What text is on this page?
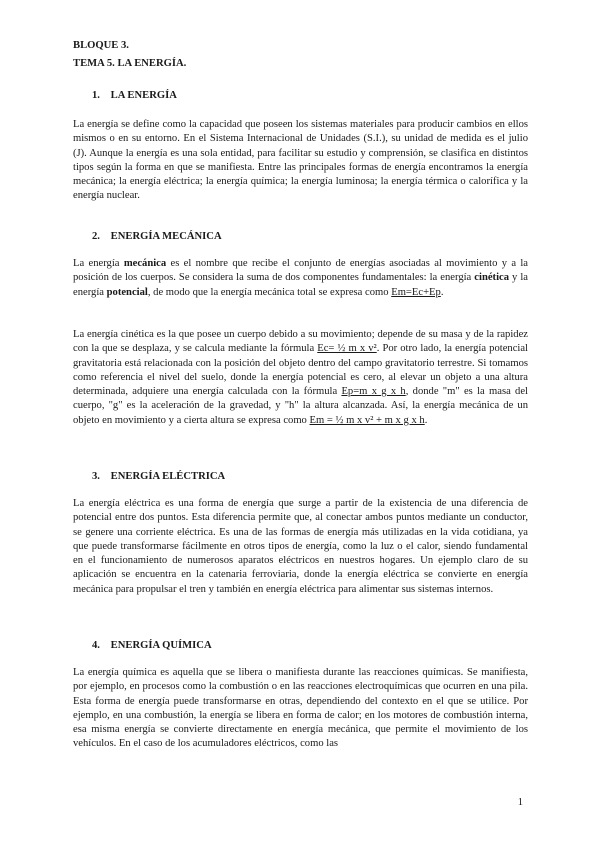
BLOQUE 3.
TEMA 5. LA ENERGÍA.
1. LA ENERGÍA
La energía se define como la capacidad que poseen los sistemas materiales para producir cambios en ellos mismos o en su entorno. En el Sistema Internacional de Unidades (S.I.), su unidad de medida es el julio (J). Aunque la energía es una sola entidad, para facilitar su estudio y comprensión, se clasifica en distintos tipos según la forma en que se manifiesta. Entre las principales formas de energía encontramos la energía mecánica; la energía eléctrica; la energía química; la energía luminosa; la energía térmica o calorífica y la energía nuclear.
2. ENERGÍA MECÁNICA
La energía mecánica es el nombre que recibe el conjunto de energías asociadas al movimiento y a la posición de los cuerpos. Se considera la suma de dos componentes fundamentales: la energía cinética y la energía potencial, de modo que la energía mecánica total se expresa como Em=Ec+Ep.
La energía cinética es la que posee un cuerpo debido a su movimiento; depende de su masa y de la rapidez con la que se desplaza, y se calcula mediante la fórmula Ec= ½ m x v². Por otro lado, la energía potencial gravitatoria está relacionada con la posición del objeto dentro del campo gravitatorio terrestre. Si tomamos como referencia el nivel del suelo, donde la energía potencial es cero, al elevar un objeto a una altura determinada, adquiere una energía calculada con la fórmula Ep=m x g x h, donde "m" es la masa del cuerpo, "g" es la aceleración de la gravedad, y "h" la altura alcanzada. Así, la energía mecánica de un objeto en movimiento y a cierta altura se expresa como Em = ½ m x v² + m x g x h.
3. ENERGÍA ELÉCTRICA
La energía eléctrica es una forma de energía que surge a partir de la existencia de una diferencia de potencial entre dos puntos. Esta diferencia permite que, al conectar ambos puntos mediante un conductor, se genere una corriente eléctrica. Es una de las formas de energía más utilizadas en la vida cotidiana, ya que puede transformarse fácilmente en otros tipos de energía, como la luz o el calor, siendo fundamental en el funcionamiento de numerosos aparatos eléctricos en nuestros hogares. Un ejemplo claro de su aplicación se encuentra en la catenaria ferroviaria, donde la energía eléctrica se convierte en energía mecánica para propulsar el tren y también en energía eléctrica para alimentar sus sistemas internos.
4. ENERGÍA QUÍMICA
La energía química es aquella que se libera o manifiesta durante las reacciones químicas. Se manifiesta, por ejemplo, en procesos como la combustión o en las reacciones electroquímicas que ocurren en una pila. Esta forma de energía puede transformarse en otras, dependiendo del contexto en el que se utilice. Por ejemplo, en una combustión, la energía se libera en forma de calor; en los motores de combustión interna, esa misma energía se convierte directamente en energía mecánica, que permite el movimiento de los vehículos. En el caso de los acumuladores eléctricos, como las
1
